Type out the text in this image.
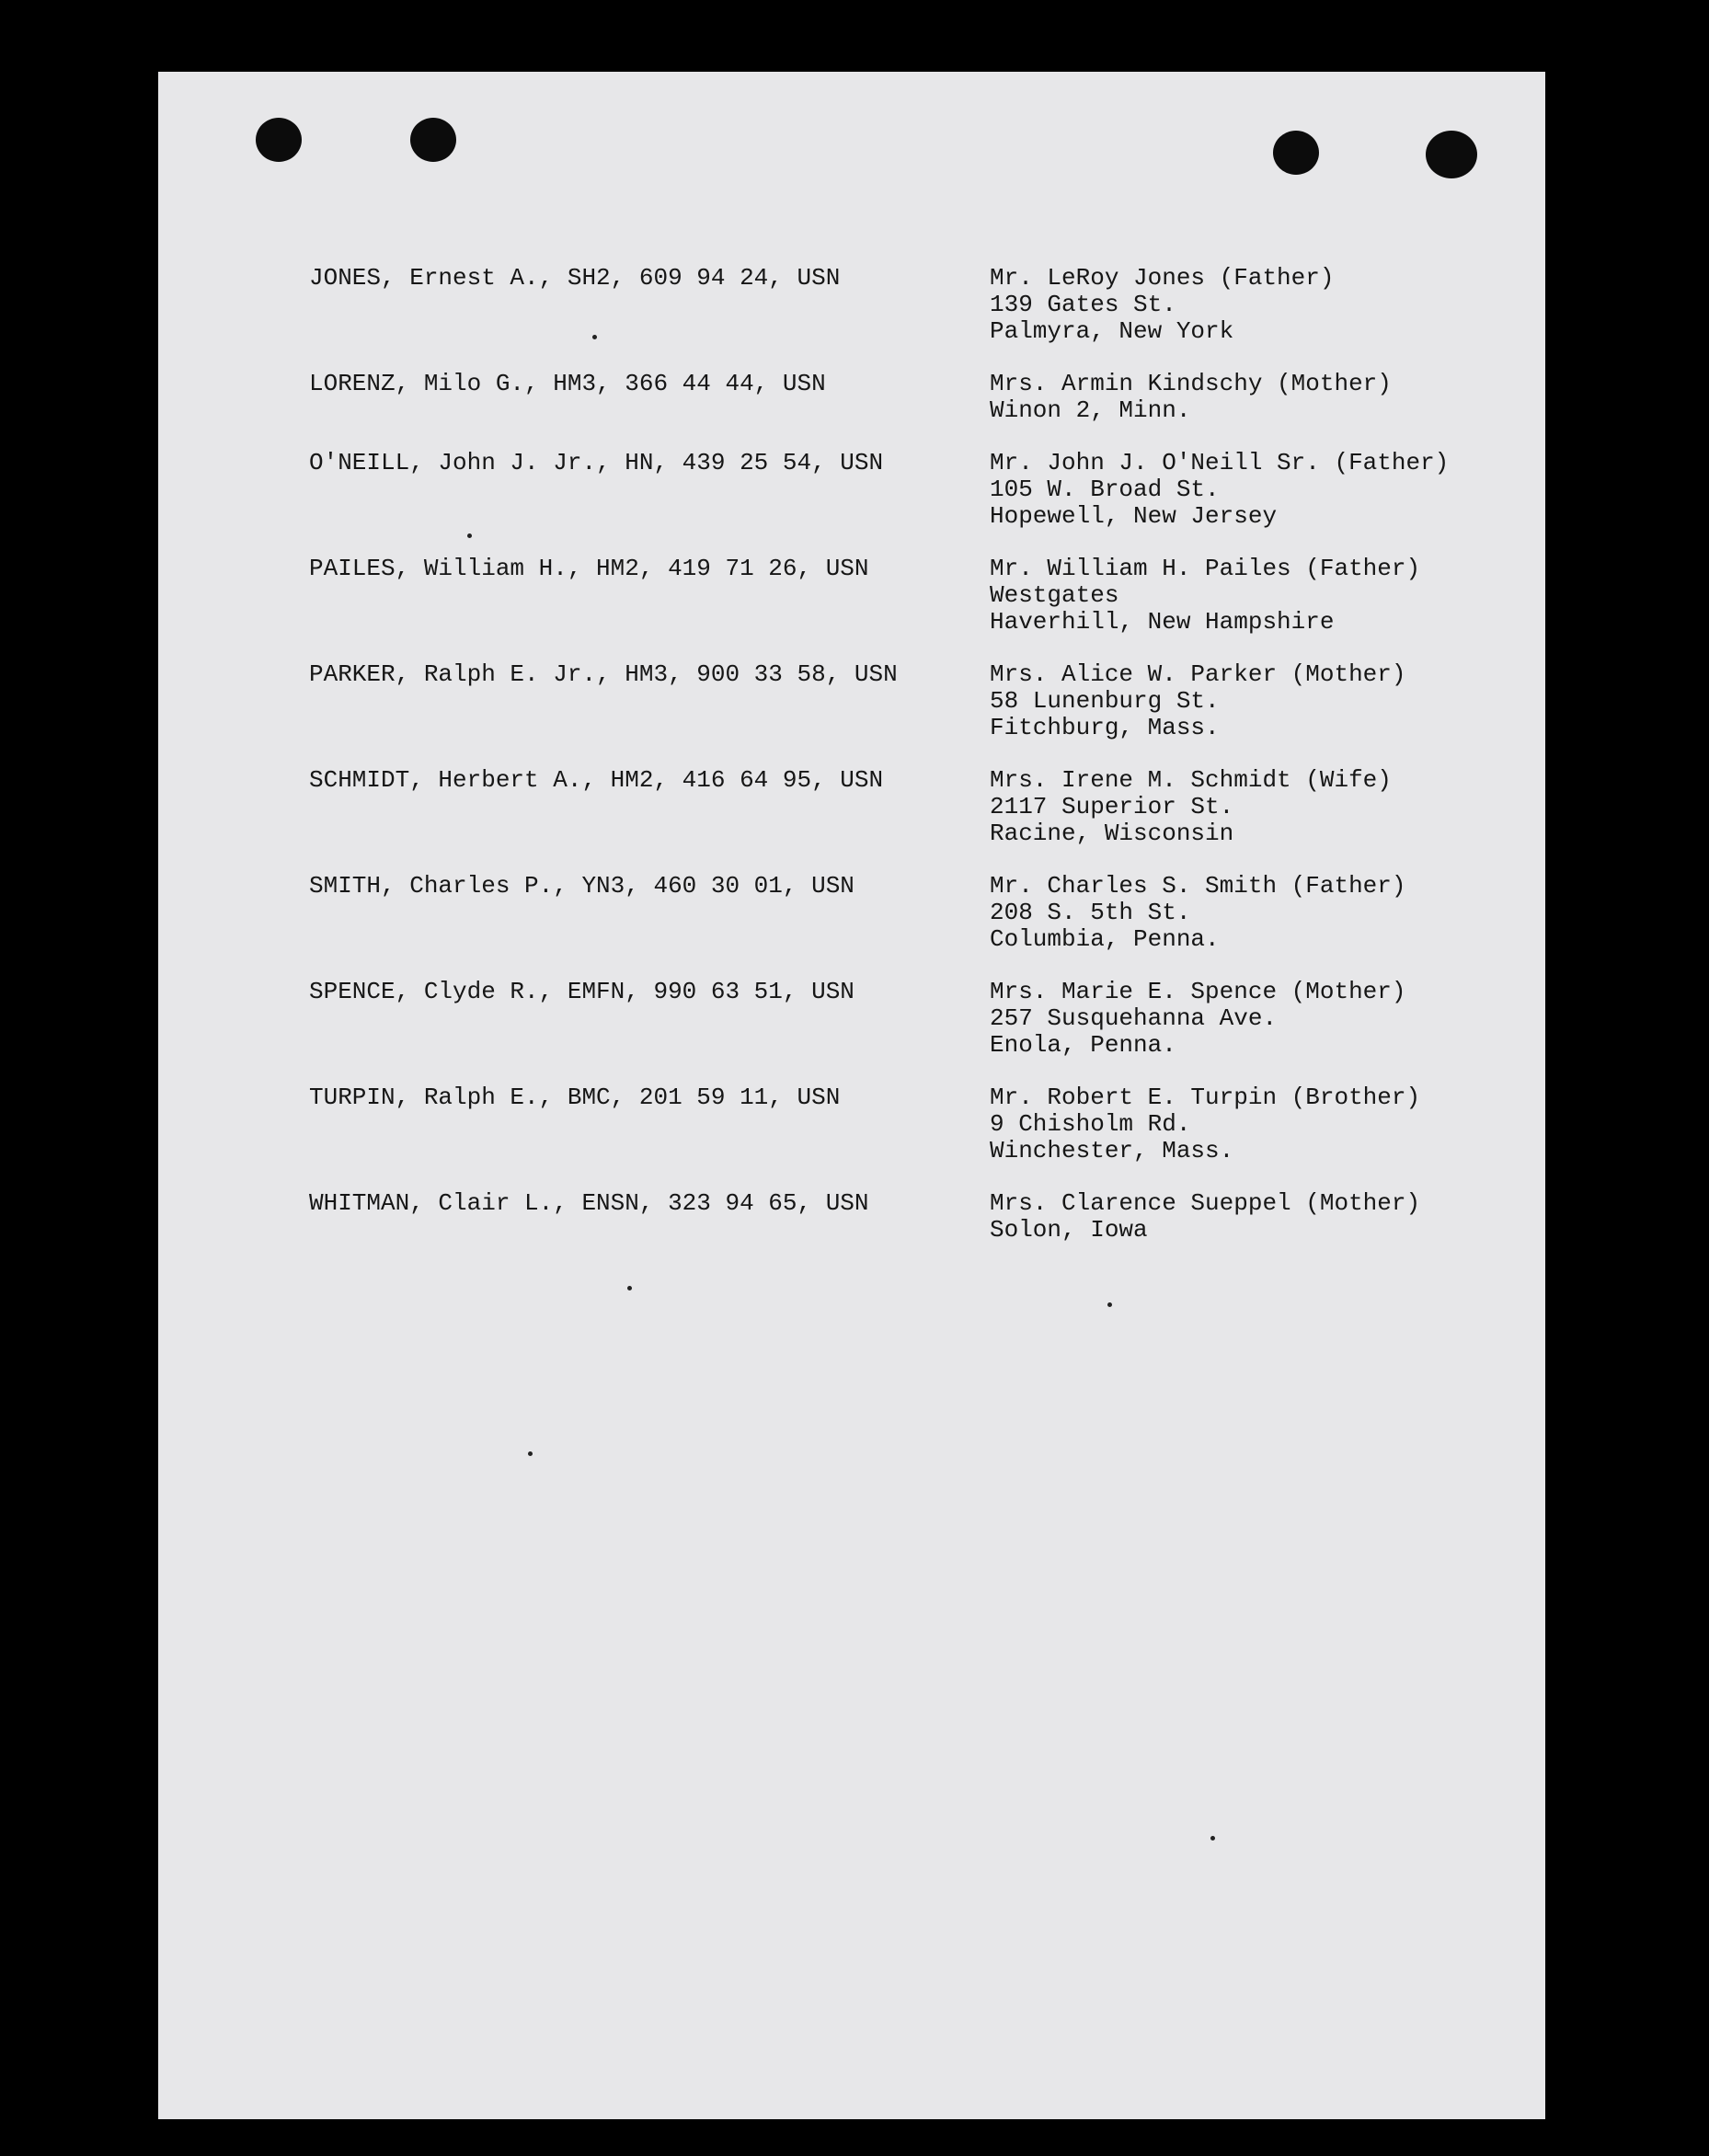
JONES, Ernest A., SH2, 609 94 24, USN	Mr. LeRoy Jones (Father)
139 Gates St.
Palmyra, New York
LORENZ, Milo G., HM3, 366 44 44, USN	Mrs. Armin Kindschy (Mother)
Winon 2, Minn.
O'NEILL, John J. Jr., HN, 439 25 54, USN	Mr. John J. O'Neill Sr. (Father)
105 W. Broad St.
Hopewell, New Jersey
PAILES, William H., HM2, 419 71 26, USN	Mr. William H. Pailes (Father)
Westgates
Haverhill, New Hampshire
PARKER, Ralph E. Jr., HM3, 900 33 58, USN	Mrs. Alice W. Parker (Mother)
58 Lunenburg St.
Fitchburg, Mass.
SCHMIDT, Herbert A., HM2, 416 64 95, USN	Mrs. Irene M. Schmidt (Wife)
2117 Superior St.
Racine, Wisconsin
SMITH, Charles P., YN3, 460 30 01, USN	Mr. Charles S. Smith (Father)
208 S. 5th St.
Columbia, Penna.
SPENCE, Clyde R., EMFN, 990 63 51, USN	Mrs. Marie E. Spence (Mother)
257 Susquehanna Ave.
Enola, Penna.
TURPIN, Ralph E., BMC, 201 59 11, USN	Mr. Robert E. Turpin (Brother)
9 Chisholm Rd.
Winchester, Mass.
WHITMAN, Clair L., ENSN, 323 94 65, USN	Mrs. Clarence Sueppel (Mother)
Solon, Iowa
